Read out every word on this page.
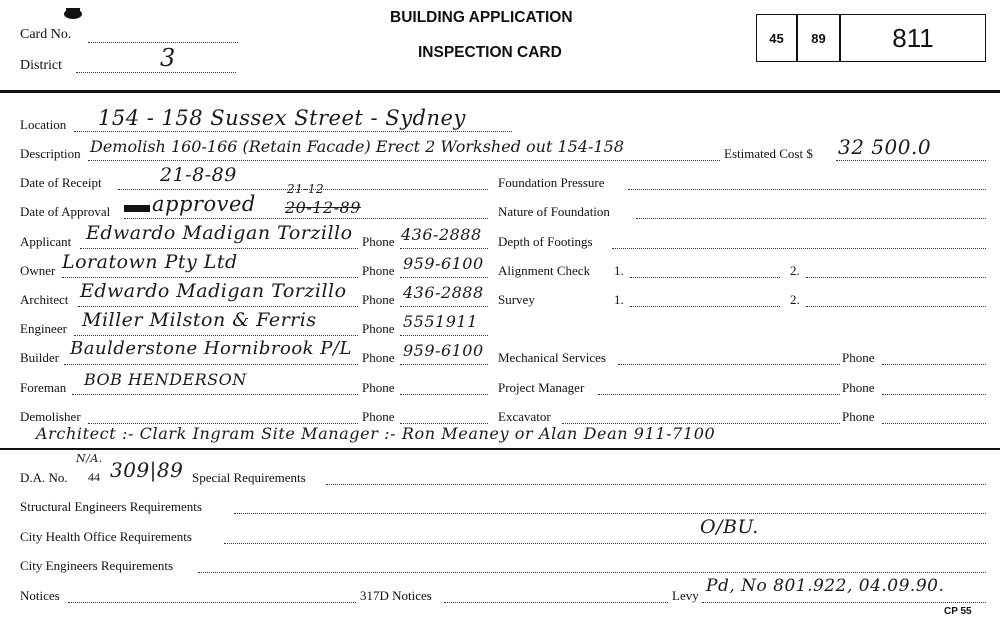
Card No.
District	3
BUILDING APPLICATION
INSPECTION CARD
45	89	811
Location 154 - 158 Sussex Street - Sydney
Description Demolish 160-166 (Retain Facade) Erect 2 Workshed out 154-158	Estimated Cost $ 32 500.0
Date of Receipt	21-8-89
Date of Approval approved 20-12-89
21-12
Applicant Edwardo Madigan Torzillo Phone 436-2888
Owner Loratown Pty Ltd	Phone 959-6100
Architect Edwardo Madigan Torzillo Phone 436-2888
Engineer Miller Milston & Ferris	Phone 5551911
Builder Baulderstone Hornibrook P/L Phone 959-6100
Foreman BOB HENDERSON	Phone
Demolisher	Phone
Foundation Pressure
Nature of Foundation
Depth of Footings
Alignment Check 1.	2.
Survey	1.	2.
Mechanical Services	Phone
Project Manager	Phone
Excavator	Phone
Architect :- Clark Ingram Site Manager :- Ron Meaney or Alan Dean 911-7100
N/A.
D.A. No. 44 309|89 Special Requirements
Structural Engineers Requirements
City Health Office Requirements	O/BU.
City Engineers Requirements
Notices	317D Notices	Levy Pd, No 801.922, 04.09.90.
CP 55
